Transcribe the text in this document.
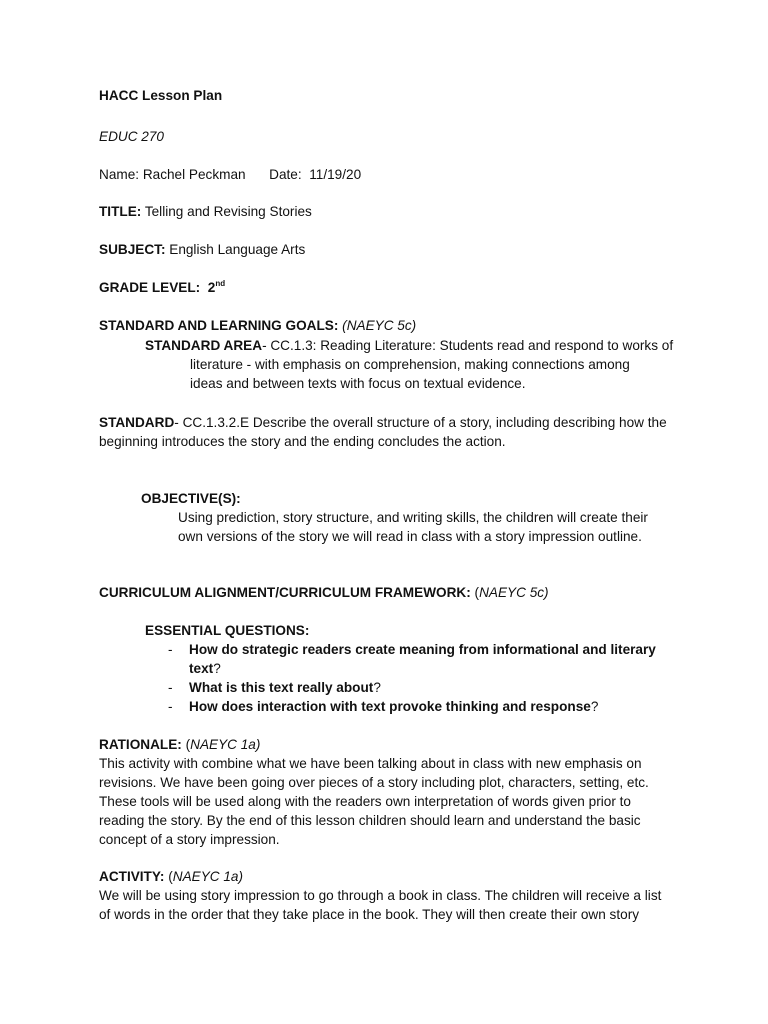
HACC Lesson Plan
EDUC 270
Name: Rachel Peckman Date: 11/19/20
TITLE: Telling and Revising Stories
SUBJECT: English Language Arts
GRADE LEVEL: 2nd
STANDARD AND LEARNING GOALS: (NAEYC 5c)
STANDARD AREA- CC.1.3: Reading Literature: Students read and respond to works of
literature - with emphasis on comprehension, making connections among
ideas and between texts with focus on textual evidence.
STANDARD- CC.1.3.2.E Describe the overall structure of a story, including describing how the
beginning introduces the story and the ending concludes the action.
OBJECTIVE(S):
Using prediction, story structure, and writing skills, the children will create their
own versions of the story we will read in class with a story impression outline.
CURRICULUM ALIGNMENT/CURRICULUM FRAMEWORK: (NAEYC 5c)
ESSENTIAL QUESTIONS:
-	How do strategic readers create meaning from informational and literary
text?
-	What is this text really about?
-	How does interaction with text provoke thinking and response?
RATIONALE: (NAEYC 1a)
This activity with combine what we have been talking about in class with new emphasis on
revisions. We have been going over pieces of a story including plot, characters, setting, etc.
These tools will be used along with the readers own interpretation of words given prior to
reading the story. By the end of this lesson children should learn and understand the basic
concept of a story impression.
ACTIVITY: (NAEYC 1a)
We will be using story impression to go through a book in class. The children will receive a list
of words in the order that they take place in the book. They will then create their own story
